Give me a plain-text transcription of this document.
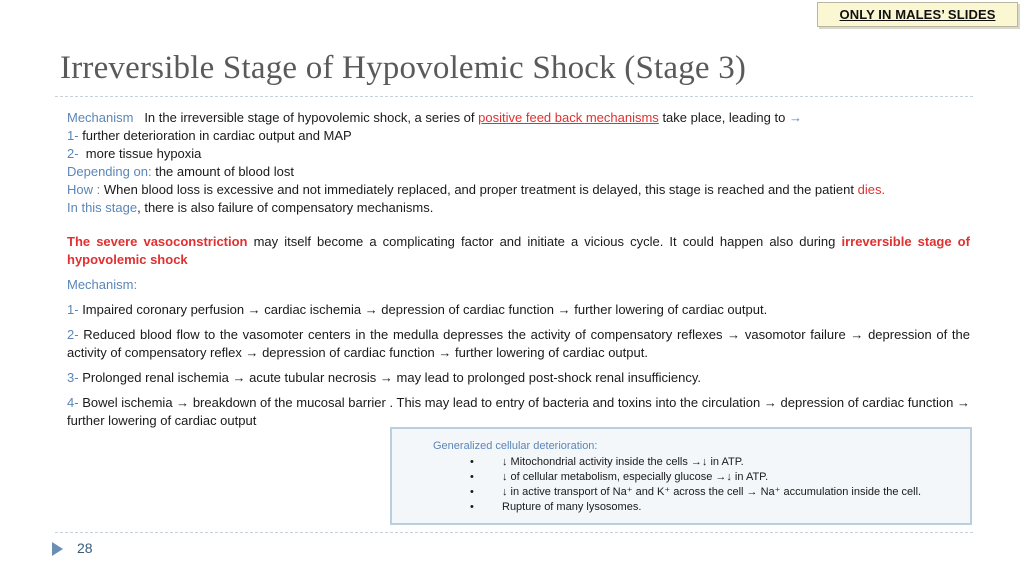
ONLY IN MALES’ SLIDES
Irreversible Stage of Hypovolemic Shock (Stage 3)
Mechanism In the irreversible stage of hypovolemic shock, a series of positive feed back mechanisms take place, leading to →
1- further deterioration in cardiac output and MAP
2- more tissue hypoxia
Depending on: the amount of blood lost
How : When blood loss is excessive and not immediately replaced, and proper treatment is delayed, this stage is reached and the patient dies.
In this stage, there is also failure of compensatory mechanisms.
The severe vasoconstriction may itself become a complicating factor and initiate a vicious cycle. It could happen also during irreversible stage of hypovolemic shock
Mechanism:
1- Impaired coronary perfusion → cardiac ischemia → depression of cardiac function → further lowering of cardiac output.
2- Reduced blood flow to the vasomoter centers in the medulla depresses the activity of compensatory reflexes → vasomotor failure → depression of the activity of compensatory reflex → depression of cardiac function → further lowering of cardiac output.
3- Prolonged renal ischemia → acute tubular necrosis → may lead to prolonged post-shock renal insufficiency.
4- Bowel ischemia → breakdown of the mucosal barrier . This may lead to entry of bacteria and toxins into the circulation → depression of cardiac function → further lowering of cardiac output
Generalized cellular deterioration:
•	↓ Mitochondrial activity inside the cells →↓ in ATP.
•	↓ of cellular metabolism, especially glucose →↓ in ATP.
•	↓ in active transport of Na⁺ and K⁺ across the cell → Na⁺ accumulation inside the cell.
•	Rupture of many lysosomes.
28
